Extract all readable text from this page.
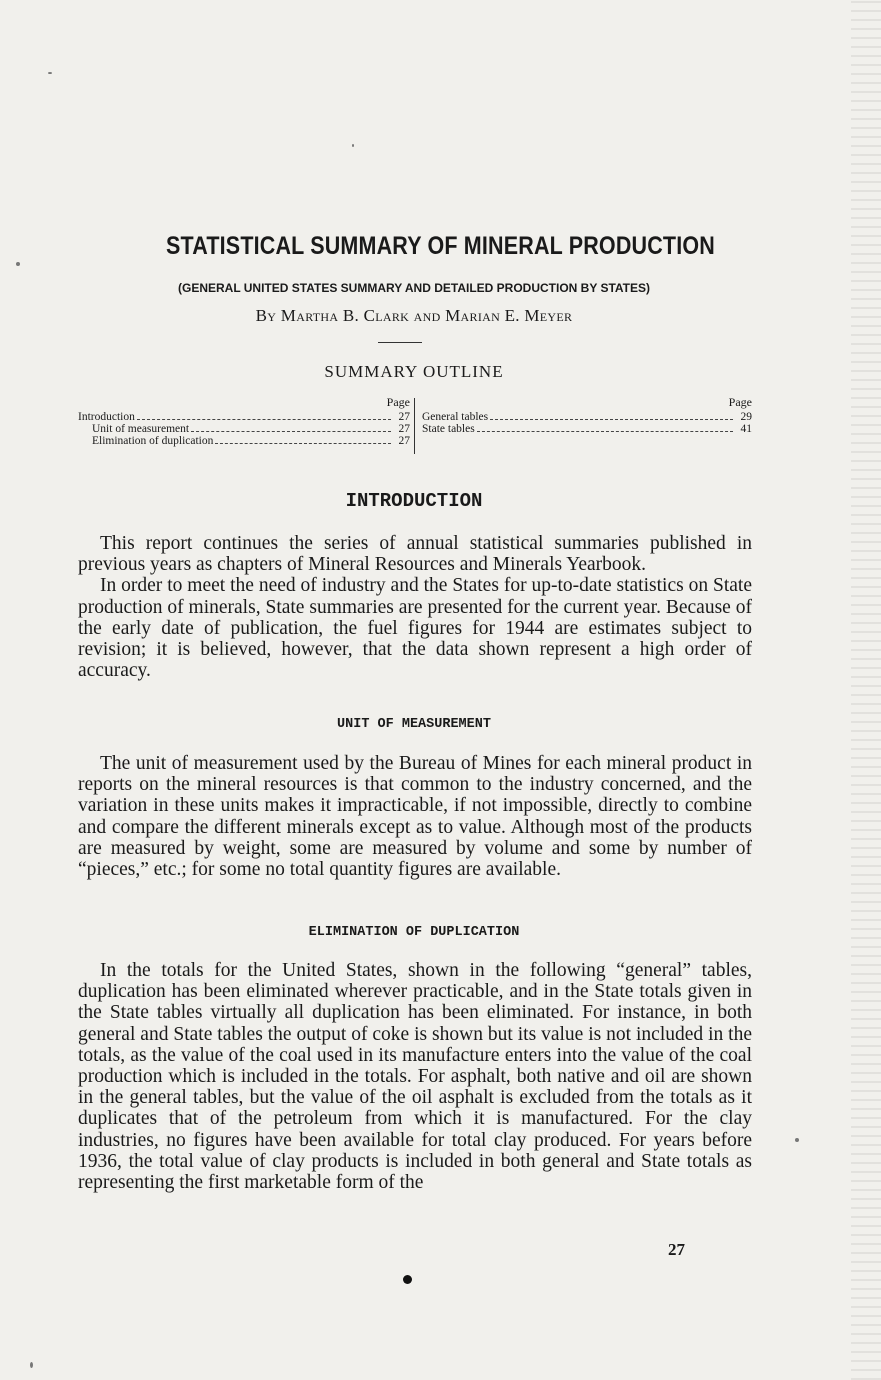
STATISTICAL SUMMARY OF MINERAL PRODUCTION
(GENERAL UNITED STATES SUMMARY AND DETAILED PRODUCTION BY STATES)
By Martha B. Clark and Marian E. Meyer
SUMMARY OUTLINE
Page
Introduction	27
Unit of measurement	27
Elimination of duplication	27
Page
General tables	29
State tables	41
INTRODUCTION

This report continues the series of annual statistical summaries published in previous years as chapters of Mineral Resources and Minerals Yearbook.

In order to meet the need of industry and the States for up-to-date statistics on State production of minerals, State summaries are presented for the current year. Because of the early date of publication, the fuel figures for 1944 are estimates subject to revision; it is believed, however, that the data shown represent a high order of accuracy.

UNIT OF MEASUREMENT

The unit of measurement used by the Bureau of Mines for each mineral product in reports on the mineral resources is that common to the industry concerned, and the variation in these units makes it impracticable, if not impossible, directly to combine and compare the different minerals except as to value. Although most of the products are measured by weight, some are measured by volume and some by number of “pieces,” etc.; for some no total quantity figures are available.

ELIMINATION OF DUPLICATION

In the totals for the United States, shown in the following “general” tables, duplication has been eliminated wherever practicable, and in the State totals given in the State tables virtually all duplication has been eliminated. For instance, in both general and State tables the output of coke is shown but its value is not included in the totals, as the value of the coal used in its manufacture enters into the value of the coal production which is included in the totals. For asphalt, both native and oil are shown in the general tables, but the value of the oil asphalt is excluded from the totals as it duplicates that of the petroleum from which it is manufactured. For the clay industries, no figures have been available for total clay produced. For years before 1936, the total value of clay products is included in both general and State totals as representing the first marketable form of the

27
